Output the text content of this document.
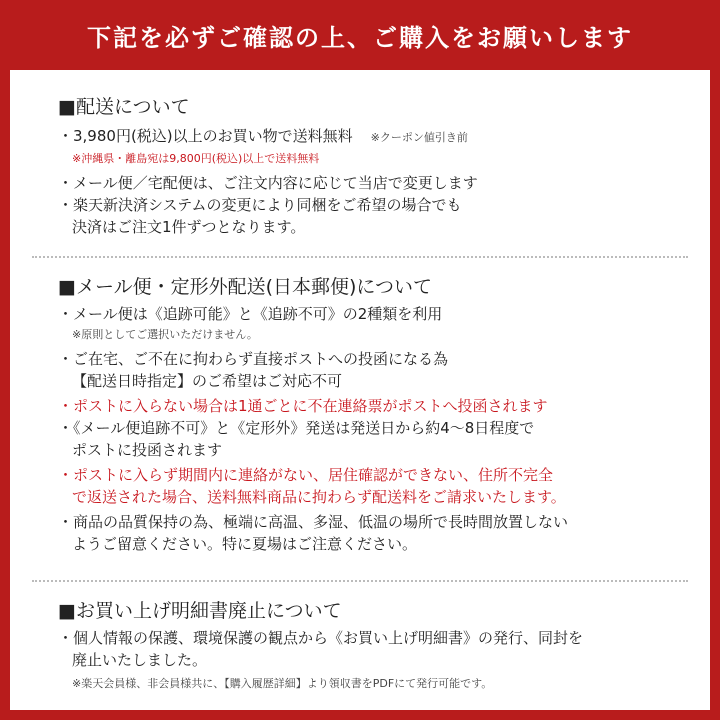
下記を必ずご確認の上、ご購入をお願いします
■配送について
・3,980円(税込)以上のお買い物で送料無料 ※クーポン値引き前
※沖縄県・離島宛は9,800円(税込)以上で送料無料
・メール便／宅配便は、ご注文内容に応じて当店で変更します
・楽天新決済システムの変更により同梱をご希望の場合でも
決済はご注文1件ずつとなります。
■メール便・定形外配送(日本郵便)について
・メール便は《追跡可能》と《追跡不可》の2種類を利用
※原則としてご選択いただけません。
・ご在宅、ご不在に拘わらず直接ポストへの投函になる為
【配送日時指定】のご希望はご対応不可
・ポストに入らない場合は1通ごとに不在連絡票がポストへ投函されます
・《メール便追跡不可》と《定形外》発送は発送日から約4～8日程度で
ポストに投函されます
・ポストに入らず期間内に連絡がない、居住確認ができない、住所不完全
で返送された場合、送料無料商品に拘わらず配送料をご請求いたします。
・商品の品質保持の為、極端に高温、多湿、低温の場所で長時間放置しない
ようご留意ください。特に夏場はご注意ください。
■お買い上げ明細書廃止について
・個人情報の保護、環境保護の観点から《お買い上げ明細書》の発行、同封を
廃止いたしました。
※楽天会員様、非会員様共に、【購入履歴詳細】より領収書をPDFにて発行可能です。
